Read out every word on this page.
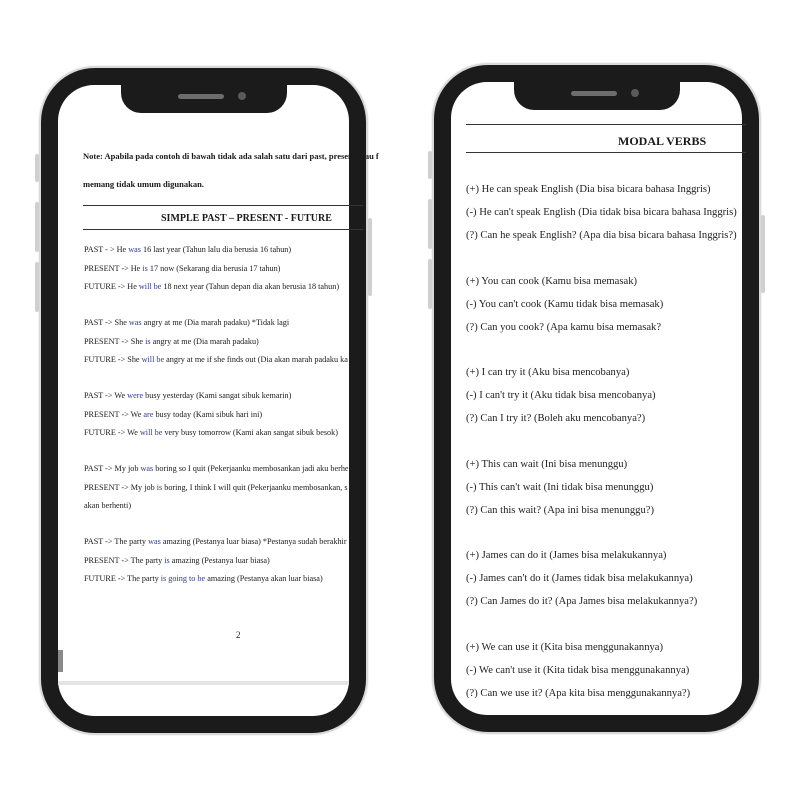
Note: Apabila pada contoh di bawah tidak ada salah satu dari past, present atau f
memang tidak umum digunakan.
SIMPLE PAST – PRESENT - FUTURE
PAST - > He was 16 last year (Tahun lalu dia berusia 16 tahun)
PRESENT -> He is 17 now (Sekarang dia berusia 17 tahun)
FUTURE -> He will be 18 next year (Tahun depan dia akan berusia 18 tahun)
PAST -> She was angry at me (Dia marah padaku) *Tidak lagi
PRESENT -> She is angry at me (Dia marah padaku)
FUTURE -> She will be angry at me if she finds out (Dia akan marah padaku ka
PAST -> We were busy yesterday (Kami sangat sibuk kemarin)
PRESENT -> We are busy today (Kami sibuk hari ini)
FUTURE -> We will be very busy tomorrow (Kami akan sangat sibuk besok)
PAST -> My job was boring so I quit (Pekerjaanku membosankan jadi aku berhe
PRESENT -> My job is boring, I think I will quit (Pekerjaanku membosankan, s
akan berhenti)
PAST -> The party was amazing (Pestanya luar biasa) *Pestanya sudah berakhir
PRESENT -> The party is amazing (Pestanya luar biasa)
FUTURE -> The party is going to be amazing (Pestanya akan luar biasa)
2
MODAL VERBS
(+) He can speak English (Dia bisa bicara bahasa Inggris)
(-) He can't speak English (Dia tidak bisa bicara bahasa Inggris)
(?) Can he speak English? (Apa dia bisa bicara bahasa Inggris?)
(+) You can cook (Kamu bisa memasak)
(-) You can't cook (Kamu tidak bisa memasak)
(?) Can you cook? (Apa kamu bisa memasak?
(+) I can try it (Aku bisa mencobanya)
(-) I can't try it (Aku tidak bisa mencobanya)
(?) Can I try it? (Boleh aku mencobanya?)
(+) This can wait (Ini bisa menunggu)
(-) This can't wait (Ini tidak bisa menunggu)
(?) Can this wait? (Apa ini bisa menunggu?)
(+) James can do it (James bisa melakukannya)
(-) James can't do it (James tidak bisa melakukannya)
(?) Can James do it? (Apa James bisa melakukannya?)
(+) We can use it (Kita bisa menggunakannya)
(-) We can't use it (Kita tidak bisa menggunakannya)
(?) Can we use it? (Apa kita bisa menggunakannya?)
